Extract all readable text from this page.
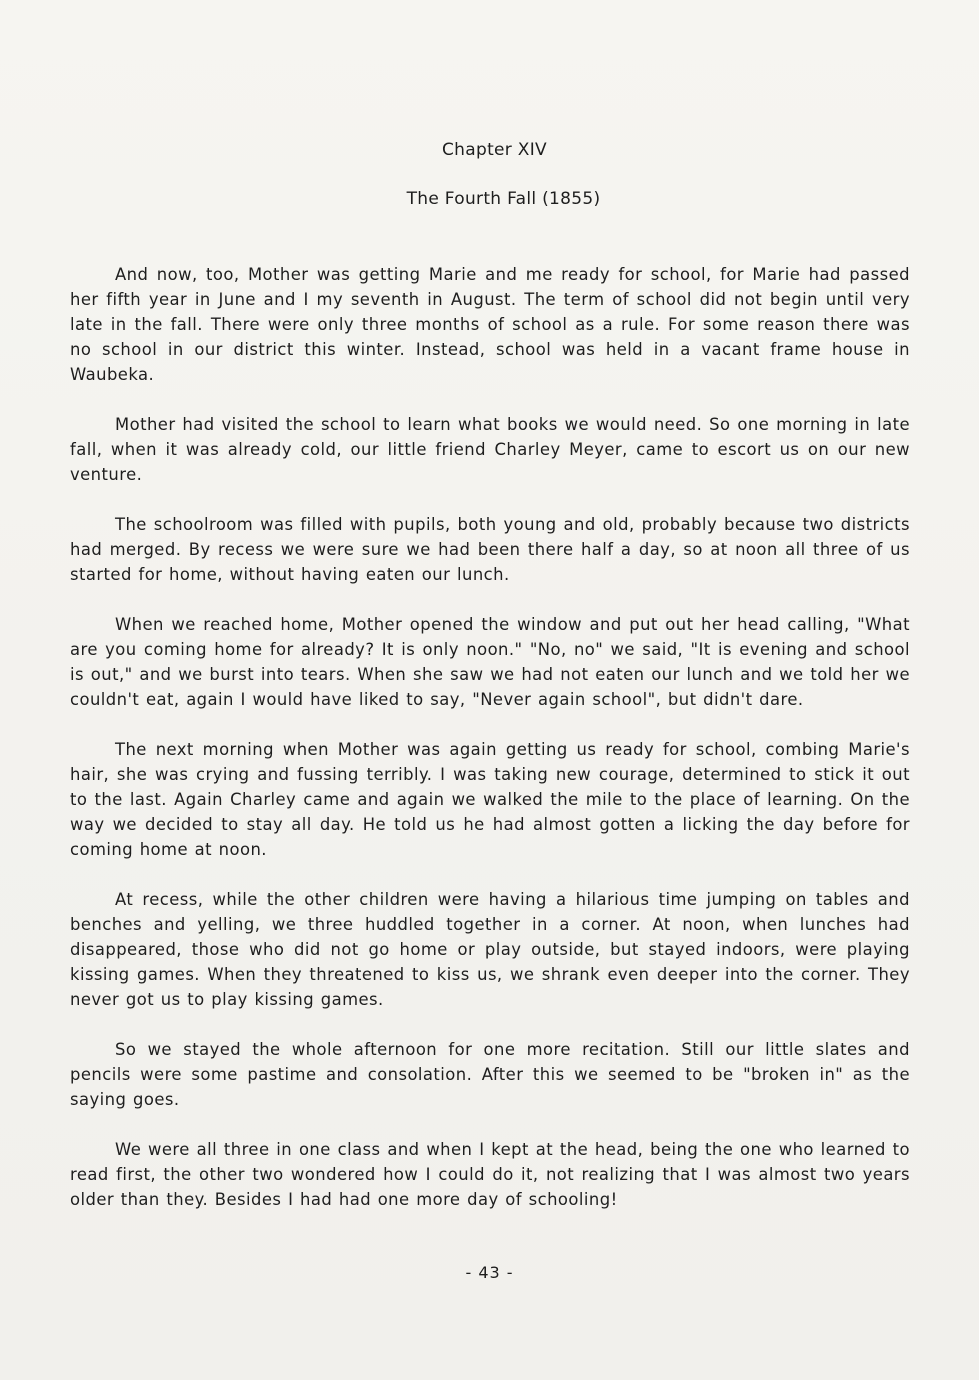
Chapter XIV
The Fourth Fall (1855)

And now, too, Mother was getting Marie and me ready for school, for Marie had passed her fifth year in June and I my seventh in August. The term of school did not begin until very late in the fall. There were only three months of school as a rule. For some reason there was no school in our district this winter. Instead, school was held in a vacant frame house in Waubeka.

Mother had visited the school to learn what books we would need. So one morning in late fall, when it was already cold, our little friend Charley Meyer, came to escort us on our new venture.

The schoolroom was filled with pupils, both young and old, probably because two districts had merged. By recess we were sure we had been there half a day, so at noon all three of us started for home, without having eaten our lunch.

When we reached home, Mother opened the window and put out her head calling, "What are you coming home for already? It is only noon." "No, no" we said, "It is evening and school is out," and we burst into tears. When she saw we had not eaten our lunch and we told her we couldn't eat, again I would have liked to say, "Never again school", but didn't dare.

The next morning when Mother was again getting us ready for school, combing Marie's hair, she was crying and fussing terribly. I was taking new courage, determined to stick it out to the last. Again Charley came and again we walked the mile to the place of learning. On the way we decided to stay all day. He told us he had almost gotten a licking the day before for coming home at noon.

At recess, while the other children were having a hilarious time jumping on tables and benches and yelling, we three huddled together in a corner. At noon, when lunches had disappeared, those who did not go home or play outside, but stayed indoors, were playing kissing games. When they threatened to kiss us, we shrank even deeper into the corner. They never got us to play kissing games.

So we stayed the whole afternoon for one more recitation. Still our little slates and pencils were some pastime and consolation. After this we seemed to be "broken in" as the saying goes.

We were all three in one class and when I kept at the head, being the one who learned to read first, the other two wondered how I could do it, not realizing that I was almost two years older than they. Besides I had had one more day of schooling!

- 43 -
